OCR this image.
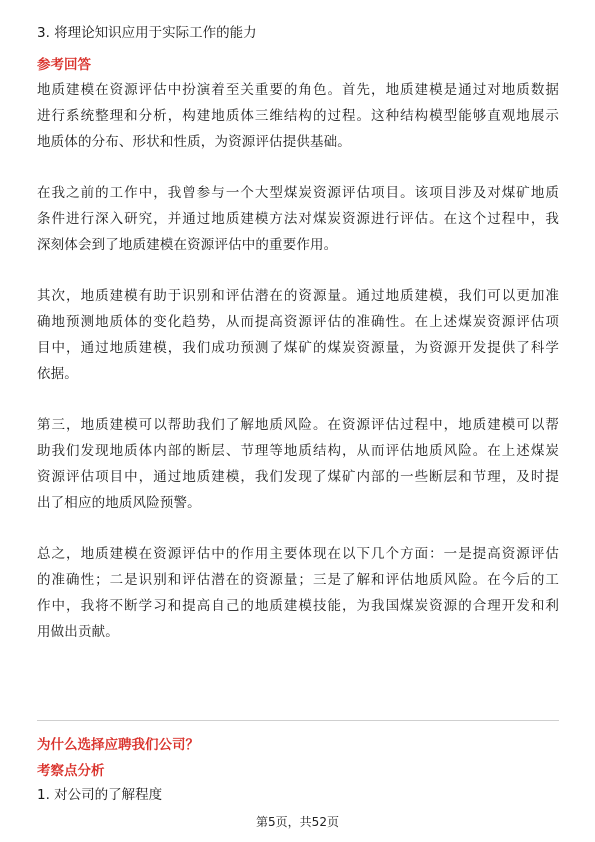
3. 将理论知识应用于实际工作的能力

参考回答

地质建模在资源评估中扮演着至关重要的角色。首先，地质建模是通过对地质数据
进行系统整理和分析，构建地质体三维结构的过程。这种结构模型能够直观地展示
地质体的分布、形状和性质，为资源评估提供基础。
在我之前的工作中，我曾参与一个大型煤炭资源评估项目。该项目涉及对煤矿地质
条件进行深入研究，并通过地质建模方法对煤炭资源进行评估。在这个过程中，我
深刻体会到了地质建模在资源评估中的重要作用。
其次，地质建模有助于识别和评估潜在的资源量。通过地质建模，我们可以更加准
确地预测地质体的变化趋势，从而提高资源评估的准确性。在上述煤炭资源评估项
目中，通过地质建模，我们成功预测了煤矿的煤炭资源量，为资源开发提供了科学
依据。
第三，地质建模可以帮助我们了解地质风险。在资源评估过程中，地质建模可以帮
助我们发现地质体内部的断层、节理等地质结构，从而评估地质风险。在上述煤炭
资源评估项目中，通过地质建模，我们发现了煤矿内部的一些断层和节理，及时提
出了相应的地质风险预警。
总之，地质建模在资源评估中的作用主要体现在以下几个方面：一是提高资源评估
的准确性；二是识别和评估潜在的资源量；三是了解和评估地质风险。在今后的工
作中，我将不断学习和提高自己的地质建模技能，为我国煤炭资源的合理开发和利
用做出贡献。

为什么选择应聘我们公司？

考察点分析

1. 对公司的了解程度

第5页，共52页
